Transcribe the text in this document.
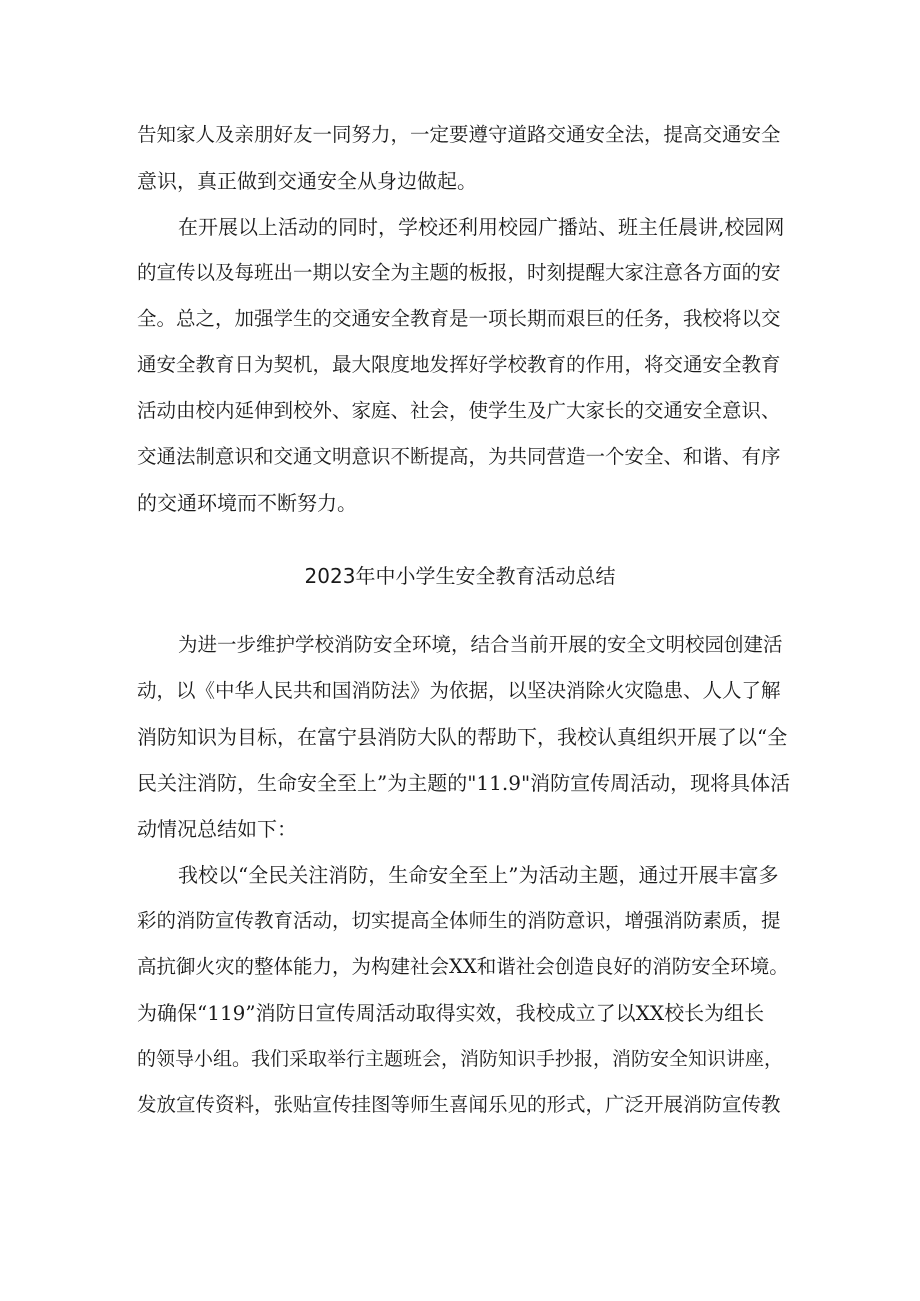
告知家人及亲朋好友一同努力，一定要遵守道路交通安全法，提高交通安全
意识，真正做到交通安全从身边做起。
在开展以上活动的同时，学校还利用校园广播站、班主任晨讲,校园网
的宣传以及每班出一期以安全为主题的板报，时刻提醒大家注意各方面的安
全。总之，加强学生的交通安全教育是一项长期而艰巨的任务，我校将以交
通安全教育日为契机，最大限度地发挥好学校教育的作用，将交通安全教育
活动由校内延伸到校外、家庭、社会，使学生及广大家长的交通安全意识、
交通法制意识和交通文明意识不断提高，为共同营造一个安全、和谐、有序
的交通环境而不断努力。
2023年中小学生安全教育活动总结
为进一步维护学校消防安全环境，结合当前开展的安全文明校园创建活
动，以《中华人民共和国消防法》为依据，以坚决消除火灾隐患、人人了解
消防知识为目标，在富宁县消防大队的帮助下，我校认真组织开展了以“全
民关注消防，生命安全至上”为主题的"11.9"消防宣传周活动，现将具体活
动情况总结如下：
我校以“全民关注消防，生命安全至上”为活动主题，通过开展丰富多
彩的消防宣传教育活动，切实提高全体师生的消防意识，增强消防素质，提
高抗御火灾的整体能力，为构建社会XX和谐社会创造良好的消防安全环境。
为确保“119”消防日宣传周活动取得实效，我校成立了以XX校长为组长
的领导小组。我们采取举行主题班会，消防知识手抄报，消防安全知识讲座，
发放宣传资料，张贴宣传挂图等师生喜闻乐见的形式，广泛开展消防宣传教
